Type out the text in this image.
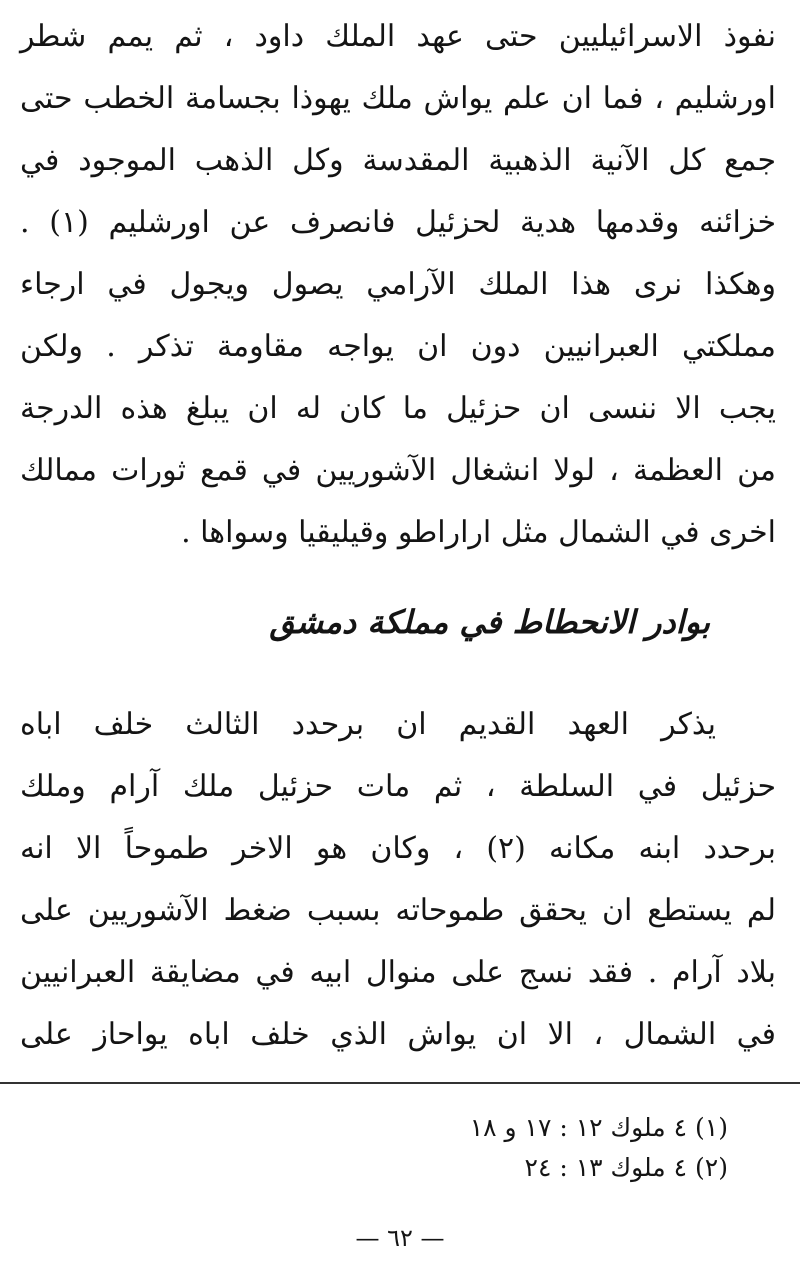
نفوذ الاسرائيليين حتى عهد الملك داود ، ثم يمم شطر
اورشليم ، فما ان علم يواش ملك يهوذا بجسامة الخطب حتى
جمع كل الآنية الذهبية المقدسة وكل الذهب الموجود في
خزائنه وقدمها هدية لحزئيل فانصرف عن اورشليم (١) .
وهكذا نرى هذا الملك الآرامي يصول ويجول في ارجاء
مملكتي العبرانيين دون ان يواجه مقاومة تذكر . ولكن
يجب الا ننسى ان حزئيل ما كان له ان يبلغ هذه الدرجة
من العظمة ، لولا انشغال الآشوريين في قمع ثورات ممالك
اخرى في الشمال مثل اراراطو وقيليقيا وسواها .
بوادر الانحطاط في مملكة دمشق
يذكر العهد القديم ان برحدد الثالث خلف اباه
حزئيل في السلطة ، ثم مات حزئيل ملك آرام وملك
برحدد ابنه مكانه (٢) ، وكان هو الاخر طموحاً الا انه
لم يستطع ان يحقق طموحاته بسبب ضغط الآشوريين على
بلاد آرام . فقد نسج على منوال ابيه في مضايقة العبرانيين
في الشمال ، الا ان يواش الذي خلف اباه يواحاز على

(١) ٤ ملوك ١٢ : ١٧ و ١٨

(٢) ٤ ملوك ١٣ : ٢٤

— ٦٢ —
